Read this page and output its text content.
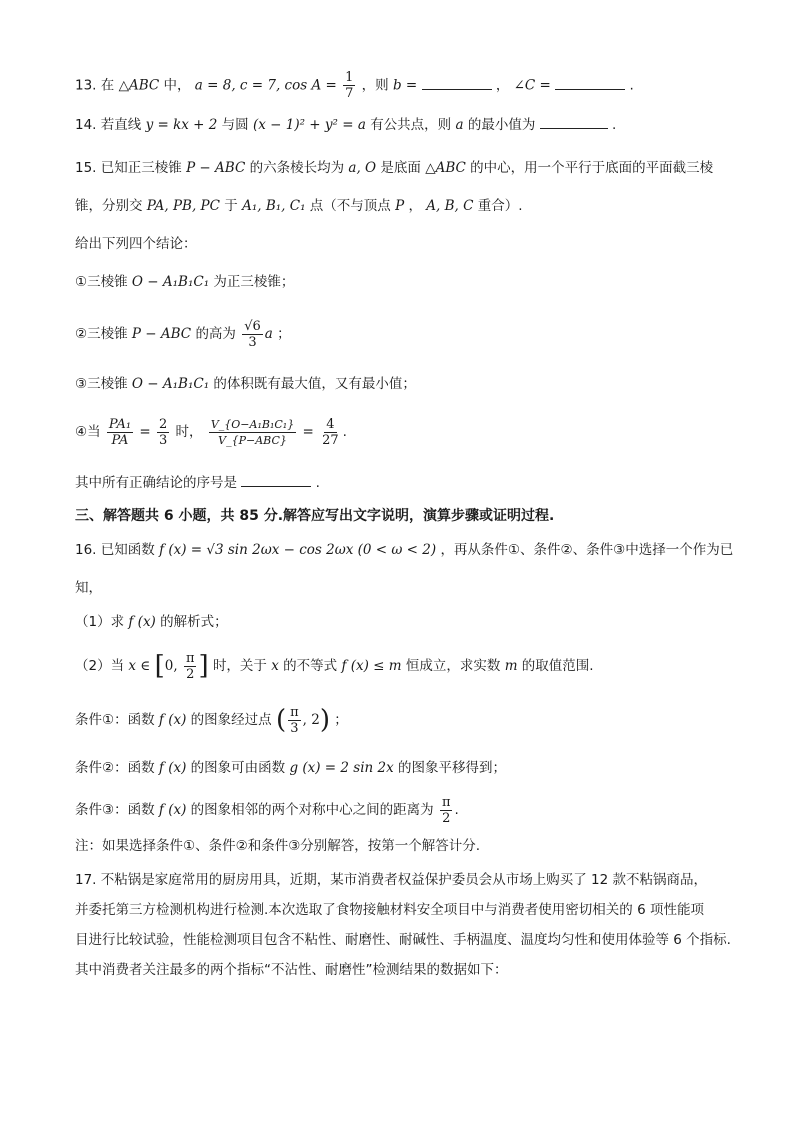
13. 在 △ABC 中， a = 8, c = 7, $\cos A = \frac{1}{7}$ ，则 b =	， ∠C =	.
14. 若直线 y = kx + 2 与圆 (x − 1)² + y² = a 有公共点，则 a 的最小值为	.
15. 已知正三棱锥 P − ABC 的六条棱长均为 a, O 是底面 △ABC 的中心，用一个平行于底面的平面截三棱
锥，分别交 PA, PB, PC 于 A₁, B₁, C₁ 点（不与顶点 P ， A, B, C 重合）.
给出下列四个结论：
①三棱锥 O − A₁B₁C₁ 为正三棱锥；
②三棱锥 P − ABC 的高为 $\frac{√6}{3}$ a ；
③三棱锥 O − A₁B₁C₁ 的体积既有最大值，又有最小值；
④当 $\frac{\text{PA₁}}{PA} = \frac{2}{3}$ 时， $\frac{\text{V\_\{O−A₁B₁C₁\}}}{\text{V\_\{P−ABC\}}} = \frac{4}{27}$ .
其中所有正确结论的序号是	.
三、解答题共 6 小题，共 85 分.解答应写出文字说明，演算步骤或证明过程.
16. 已知函数 f (x) = √3 sin 2ωx − cos 2ωx (0 < ω < 2) ，再从条件①、条件②、条件③中选择一个作为已
知，
（1）求 f (x) 的解析式；
（2）当 x ∈ [0, $\frac{\pi}{2}$ ] 时，关于 x 的不等式 f (x) ≤ m 恒成立，求实数 m 的取值范围.
条件①：函数 f (x) 的图象经过点 ( $\frac{\pi}{3}$ , 2) ；
条件②：函数 f (x) 的图象可由函数 g (x) = 2 sin 2x 的图象平移得到；
条件③：函数 f (x) 的图象相邻的两个对称中心之间的距离为 $\frac{\pi}{2}$ .
注：如果选择条件①、条件②和条件③分别解答，按第一个解答计分.
17. 不粘锅是家庭常用的厨房用具，近期，某市消费者权益保护委员会从市场上购买了 12 款不粘锅商品，
并委托第三方检测机构进行检测.本次选取了食物接触材料安全项目中与消费者使用密切相关的 6 项性能项
目进行比较试验，性能检测项目包含不粘性、耐磨性、耐碱性、手柄温度、温度均匀性和使用体验等 6 个指标.
其中消费者关注最多的两个指标“不沾性、耐磨性”检测结果的数据如下：
